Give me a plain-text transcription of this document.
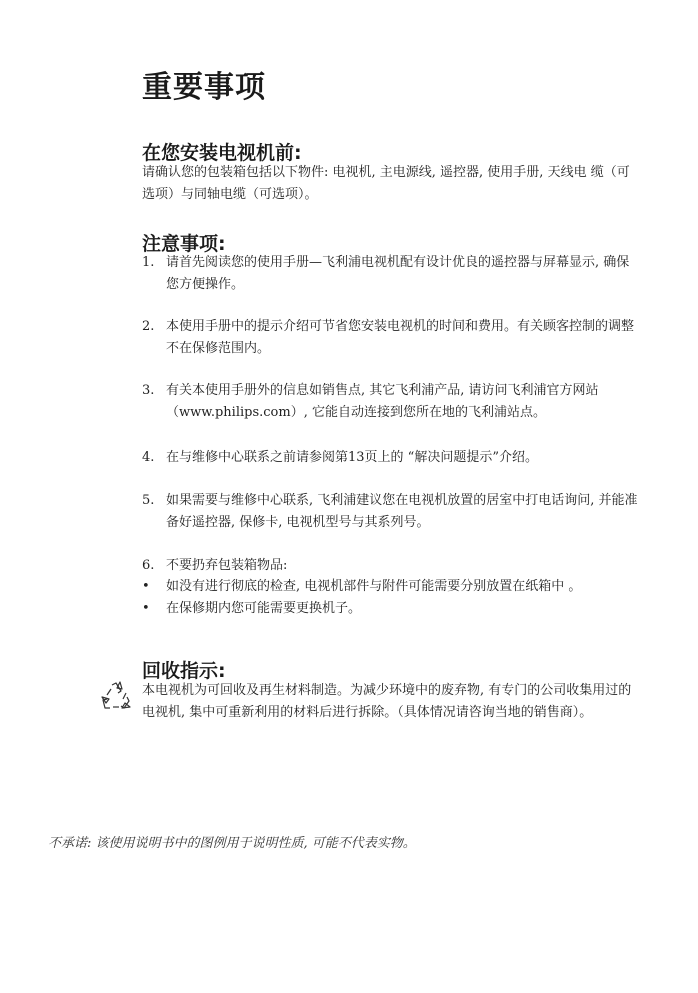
重要事项
在您安装电视机前:
请确认您的包装箱包括以下物件: 电视机, 主电源线, 遥控器, 使用手册, 天线电 缆（可选项）与同轴电缆（可选项）。
注意事项:
1. 请首先阅读您的使用手册—飞利浦电视机配有设计优良的遥控器与屏幕显示, 确保您方便操作。
2. 本使用手册中的提示介绍可节省您安装电视机的时间和费用。有关顾客控制的调整不在保修范围内。
3. 有关本使用手册外的信息如销售点, 其它飞利浦产品, 请访问飞利浦官方网站（www.philips.com）, 它能自动连接到您所在地的飞利浦站点。
4. 在与维修中心联系之前请参阅第13页上的 “解决问题提示”介绍。
5. 如果需要与维修中心联系, 飞利浦建议您在电视机放置的居室中打电话询问, 并能准备好遥控器, 保修卡, 电视机型号与其系列号。
6. 不要扔弃包装箱物品:
•	如没有进行彻底的检查, 电视机部件与附件可能需要分别放置在纸箱中 。
•	在保修期内您可能需要更换机子。
回收指示:
本电视机为可回收及再生材料制造。为减少环境中的废弃物, 有专门的公司收集用过的电视机, 集中可重新利用的材料后进行拆除。（具体情况请咨询当地的销售商）。
不承诺: 该使用说明书中的图例用于说明性质, 可能不代表实物。
